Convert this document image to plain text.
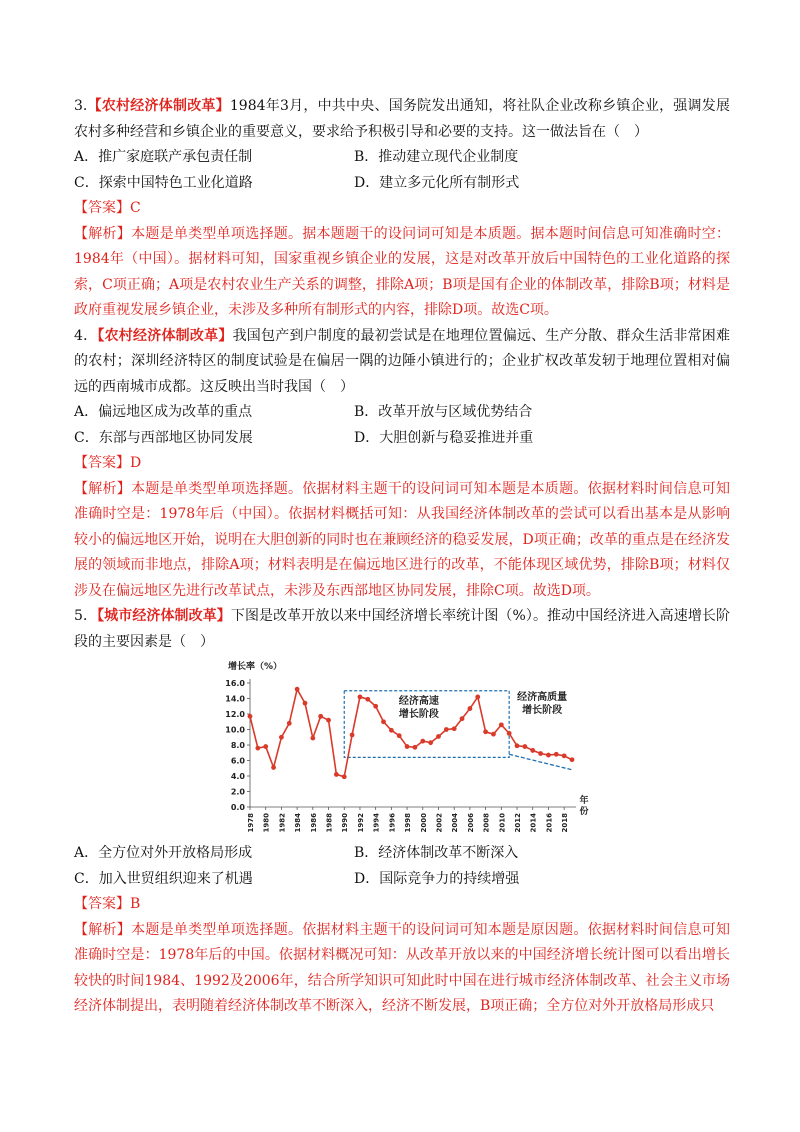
3.【农村经济体制改革】1984年3月，中共中央、国务院发出通知，将社队企业改称乡镇企业，强调发展农村多种经营和乡镇企业的重要意义，要求给予积极引导和必要的支持。这一做法旨在（　）

A．推广家庭联产承包责任制	B．推动建立现代企业制度
C．探索中国特色工业化道路	D．建立多元化所有制形式

【答案】C

【解析】本题是单类型单项选择题。据本题题干的设问词可知是本质题。据本题时间信息可知准确时空：1984年（中国）。据材料可知，国家重视乡镇企业的发展，这是对改革开放后中国特色的工业化道路的探索，C项正确；A项是农村农业生产关系的调整，排除A项；B项是国有企业的体制改革，排除B项；材料是政府重视发展乡镇企业，未涉及多种所有制形式的内容，排除D项。故选C项。

4．【农村经济体制改革】我国包产到户制度的最初尝试是在地理位置偏远、生产分散、群众生活非常困难的农村；深圳经济特区的制度试验是在偏居一隅的边陲小镇进行的；企业扩权改革发轫于地理位置相对偏远的西南城市成都。这反映出当时我国（　）

A．偏远地区成为改革的重点	B．改革开放与区域优势结合
C．东部与西部地区协同发展	D．大胆创新与稳妥推进并重

【答案】D

【解析】本题是单类型单项选择题。依据材料主题干的设问词可知本题是本质题。依据材料时间信息可知准确时空是：1978年后（中国）。依据材料概括可知：从我国经济体制改革的尝试可以看出基本是从影响较小的偏远地区开始，说明在大胆创新的同时也在兼顾经济的稳妥发展，D项正确；改革的重点是在经济发展的领域而非地点，排除A项；材料表明是在偏远地区进行的改革，不能体现区域优势，排除B项；材料仅涉及在偏远地区先进行改革试点，未涉及东西部地区协同发展，排除C项。故选D项。

5．【城市经济体制改革】下图是改革开放以来中国经济增长率统计图（%）。推动中国经济进入高速增长阶段的主要因素是（　）

0.0
2.0
4.0
6.0
8.0
10.0
12.0
14.0
16.0
1978 1980 1982 1984 1986 1988 1990 1992 1994 1996 1998 2000 2002 2004 2006 2008 2010 2012 2014 2016 2018
增长率（%）
年
份
经济高速
增长阶段
经济高质量
增长阶段
A．全方位对外开放格局形成	B．经济体制改革不断深入
C．加入世贸组织迎来了机遇	D．国际竞争力的持续增强

【答案】B

【解析】本题是单类型单项选择题。依据材料主题干的设问词可知本题是原因题。依据材料时间信息可知准确时空是：1978年后的中国。依据材料概况可知：从改革开放以来的中国经济增长统计图可以看出增长较快的时间1984、1992及2006年，结合所学知识可知此时中国在进行城市经济体制改革、社会主义市场经济体制提出，表明随着经济体制改革不断深入，经济不断发展，B项正确；全方位对外开放格局形成只
